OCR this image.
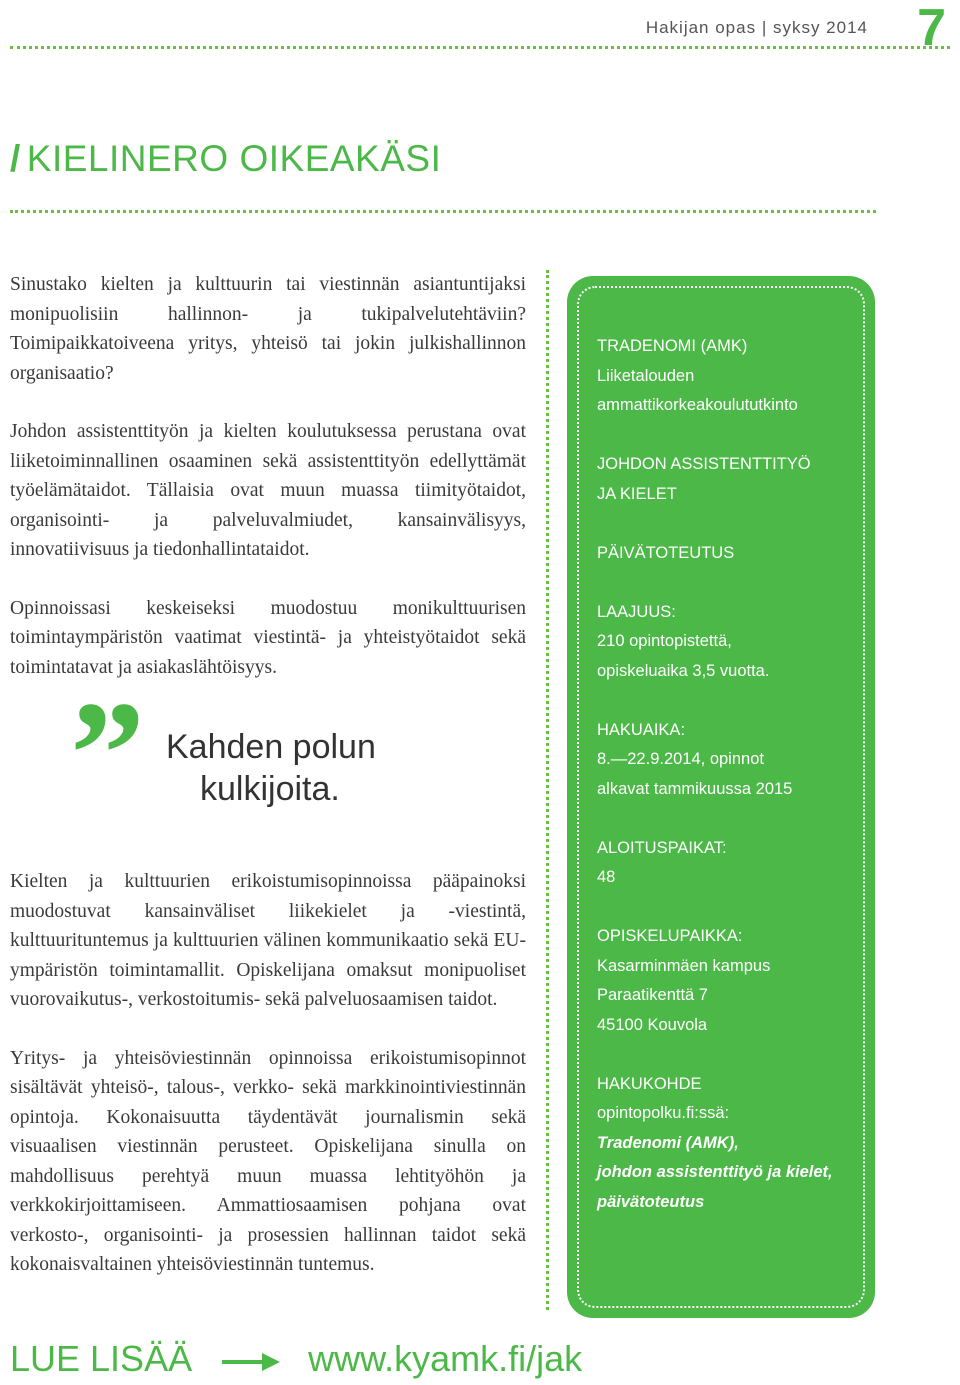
Hakijan opas | syksy 2014 7
/ KIELINERO OIKEAKÄSI

Sinustako kielten ja kulttuurin tai viestinnän asiantuntijaksi monipuolisiin hallinnon- ja tukipalvelutehtäviin? Toimipaikkatoiveena yritys, yhteisö tai jokin julkishallinnon organisaatio?

Johdon assistenttityön ja kielten koulutuksessa perustana ovat liiketoiminnallinen osaaminen sekä assistenttityön edellyttämät työelämätaidot. Tällaisia ovat muun muassa tiimityötaidot, organisointi- ja palveluvalmiudet, kansainvälisyys, innovatiivisuus ja tiedonhallintataidot.

Opinnoissasi keskeiseksi muodostuu monikulttuurisen toimintaympäristön vaatimat viestintä- ja yhteistyötaidot sekä toimintatavat ja asiakaslähtöisyys.

” Kahden polun
kulkijoita.

Kielten ja kulttuurien erikoistumisopinnoissa pääpainoksi muodostuvat kansainväliset liikekielet ja -viestintä, kulttuurituntemus ja kulttuurien välinen kommunikaatio sekä EU-ympäristön toimintamallit. Opiskelijana omaksut monipuoliset vuorovaikutus-, verkostoitumis- sekä palveluosaamisen taidot.

Yritys- ja yhteisöviestinnän opinnoissa erikoistumisopinnot sisältävät yhteisö-, talous-, verkko- sekä markkinointiviestinnän opintoja. Kokonaisuutta täydentävät journalismin sekä visuaalisen viestinnän perusteet. Opiskelijana sinulla on mahdollisuus perehtyä muun muassa lehtityöhön ja verkkokirjoittamiseen. Ammattiosaamisen pohjana ovat verkosto-, organisointi- ja prosessien hallinnan taidot sekä kokonaisvaltainen yhteisöviestinnän tuntemus.

TRADENOMI (AMK)
Liiketalouden
ammattikorkeakoulututkinto
JOHDON ASSISTENTTITYÖ
JA KIELET
PÄIVÄTOTEUTUS
LAAJUUS:
210 opintopistettä,
opiskeluaika 3,5 vuotta.
HAKUAIKA:
8.—22.9.2014, opinnot
alkavat tammikuussa 2015
ALOITUSPAIKAT:
48
OPISKELUPAIKKA:
Kasarminmäen kampus
Paraatikenttä 7
45100 Kouvola
HAKUKOHDE
opintopolku.fi:ssä:
Tradenomi (AMK),
johdon assistenttityö ja kielet,
päivätoteutus
LUE LISÄÄ	www.kyamk.fi/jak
